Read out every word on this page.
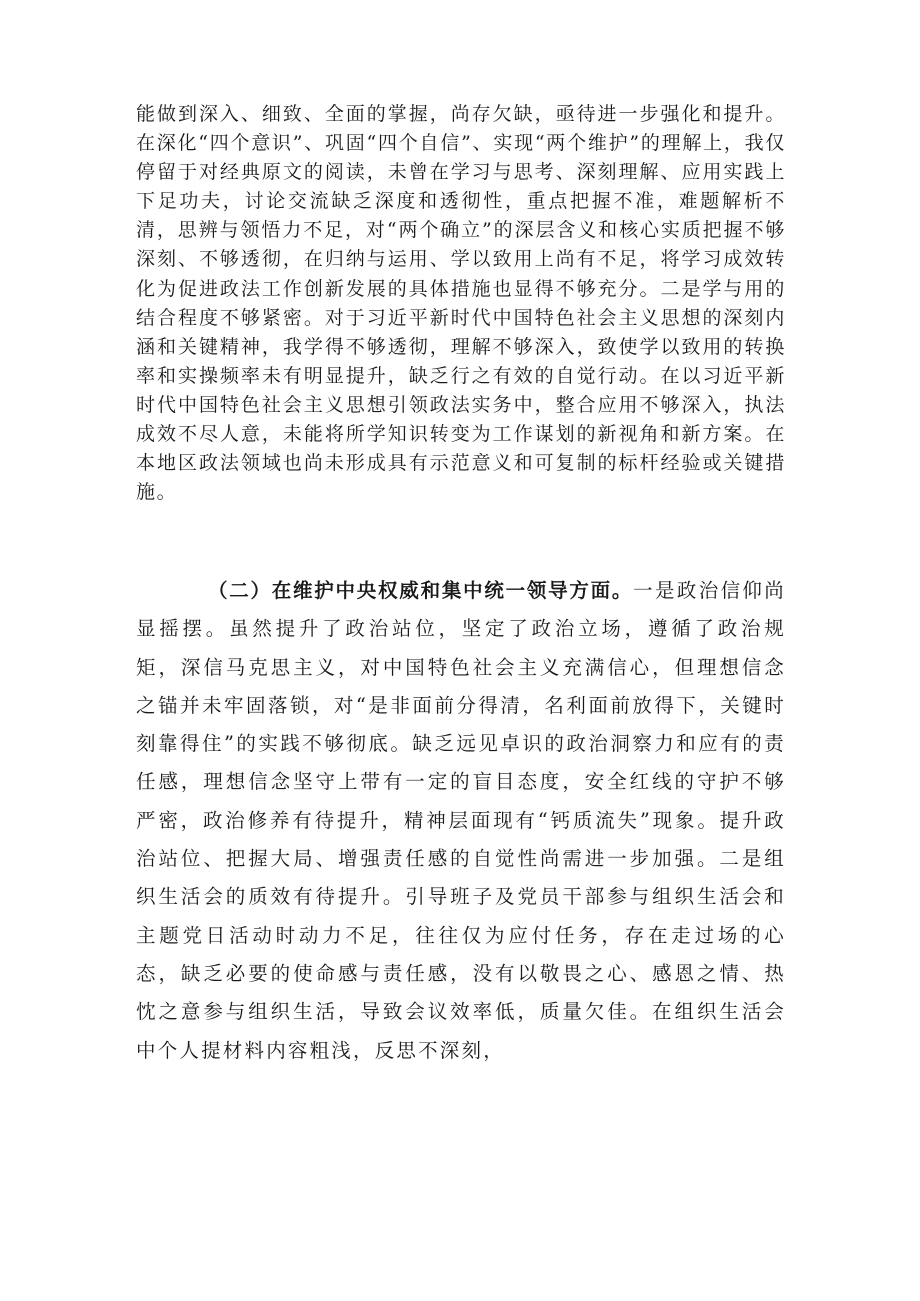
能做到深入、细致、全面的掌握，尚存欠缺，亟待进一步强化和提升。在深化“四个意识”、巩固“四个自信”、实现“两个维护”的理解上，我仅停留于对经典原文的阅读，未曾在学习与思考、深刻理解、应用实践上下足功夫，讨论交流缺乏深度和透彻性，重点把握不准，难题解析不清，思辨与领悟力不足，对“两个确立”的深层含义和核心实质把握不够深刻、不够透彻，在归纳与运用、学以致用上尚有不足，将学习成效转化为促进政法工作创新发展的具体措施也显得不够充分。二是学与用的结合程度不够紧密。对于习近平新时代中国特色社会主义思想的深刻内涵和关键精神，我学得不够透彻，理解不够深入，致使学以致用的转换率和实操频率未有明显提升，缺乏行之有效的自觉行动。在以习近平新时代中国特色社会主义思想引领政法实务中，整合应用不够深入，执法成效不尽人意，未能将所学知识转变为工作谋划的新视角和新方案。在本地区政法领域也尚未形成具有示范意义和可复制的标杆经验或关键措施。

（二）在维护中央权威和集中统一领导方面。一是政治信仰尚显摇摆。虽然提升了政治站位，坚定了政治立场，遵循了政治规矩，深信马克思主义，对中国特色社会主义充满信心，但理想信念之锚并未牢固落锁，对“是非面前分得清，名利面前放得下，关键时刻靠得住”的实践不够彻底。缺乏远见卓识的政治洞察力和应有的责任感，理想信念坚守上带有一定的盲目态度，安全红线的守护不够严密，政治修养有待提升，精神层面现有“钙质流失”现象。提升政治站位、把握大局、增强责任感的自觉性尚需进一步加强。二是组织生活会的质效有待提升。引导班子及党员干部参与组织生活会和主题党日活动时动力不足，往往仅为应付任务，存在走过场的心态，缺乏必要的使命感与责任感，没有以敬畏之心、感恩之情、热忱之意参与组织生活，导致会议效率低，质量欠佳。在组织生活会中个人提材料内容粗浅，反思不深刻，
